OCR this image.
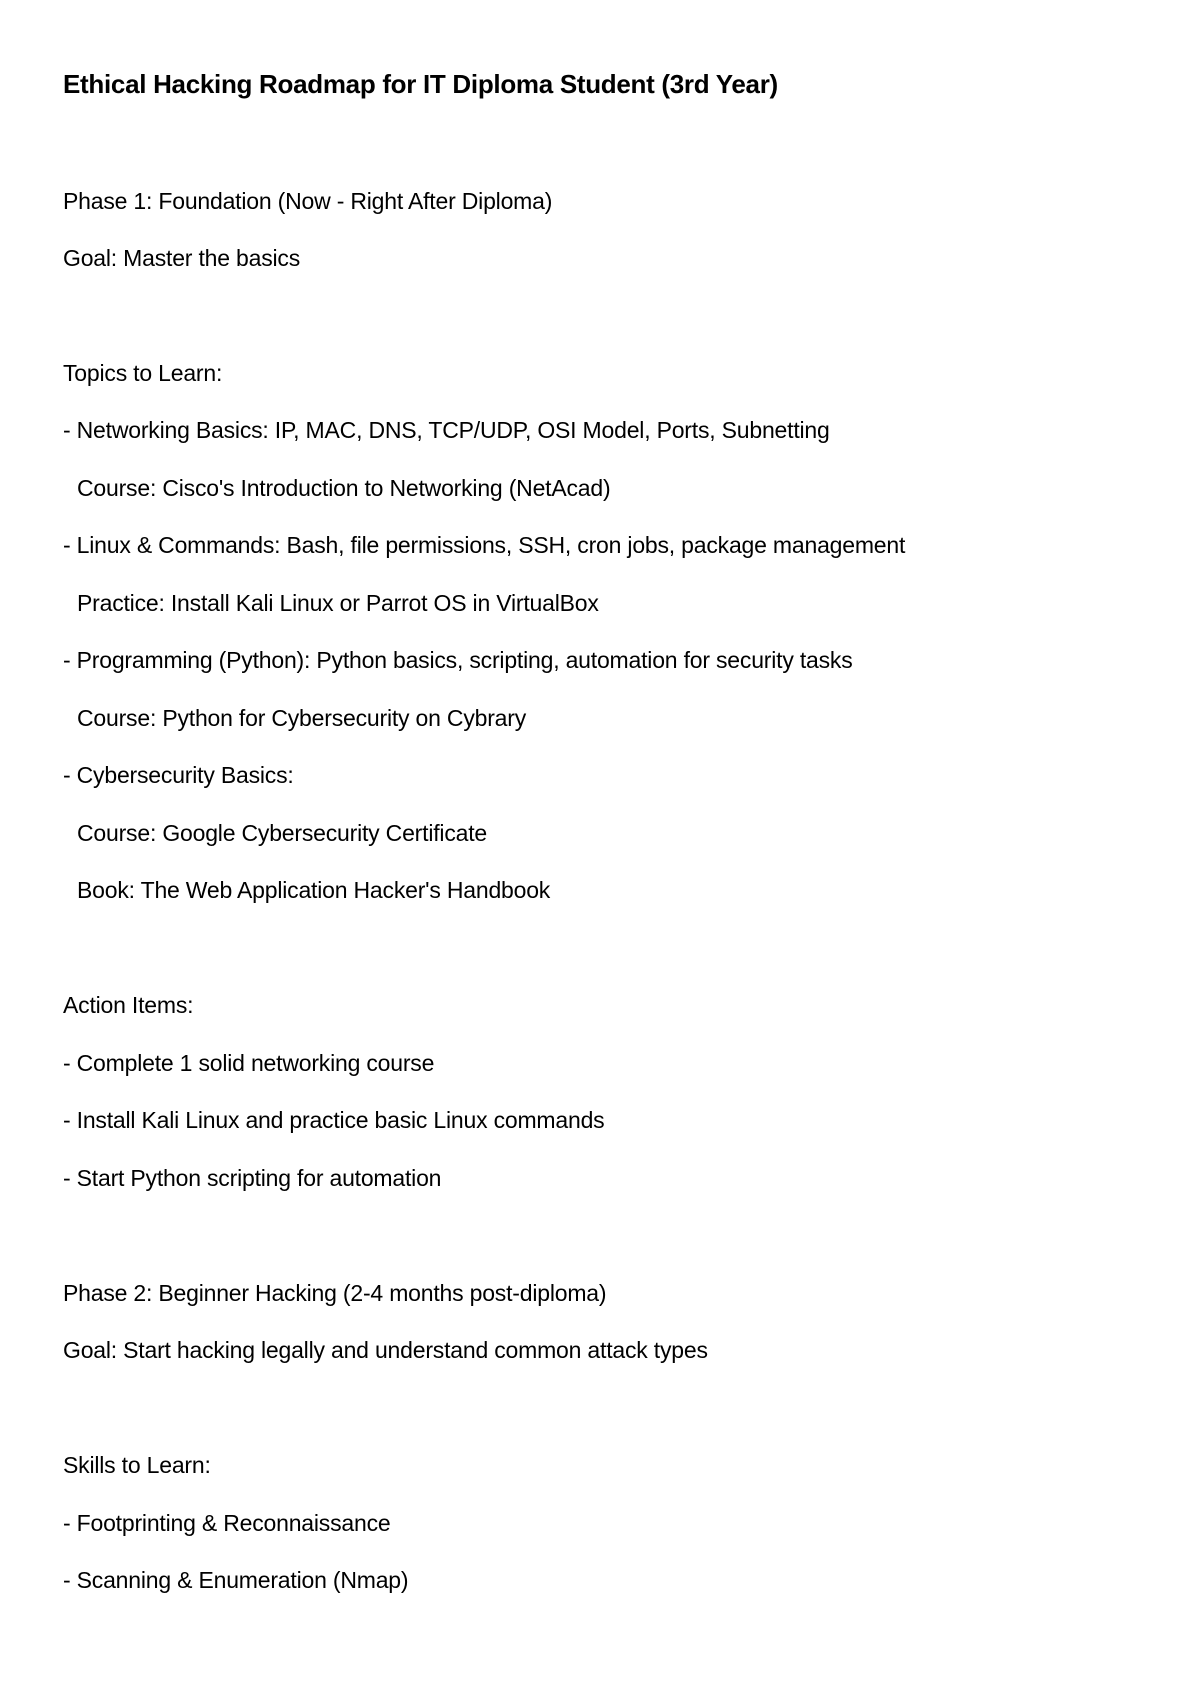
Ethical Hacking Roadmap for IT Diploma Student (3rd Year)
Phase 1: Foundation (Now - Right After Diploma)
Goal: Master the basics
Topics to Learn:
- Networking Basics: IP, MAC, DNS, TCP/UDP, OSI Model, Ports, Subnetting
Course: Cisco's Introduction to Networking (NetAcad)
- Linux & Commands: Bash, file permissions, SSH, cron jobs, package management
Practice: Install Kali Linux or Parrot OS in VirtualBox
- Programming (Python): Python basics, scripting, automation for security tasks
Course: Python for Cybersecurity on Cybrary
- Cybersecurity Basics:
Course: Google Cybersecurity Certificate
Book: The Web Application Hacker's Handbook
Action Items:
- Complete 1 solid networking course
- Install Kali Linux and practice basic Linux commands
- Start Python scripting for automation
Phase 2: Beginner Hacking (2-4 months post-diploma)
Goal: Start hacking legally and understand common attack types
Skills to Learn:
- Footprinting & Reconnaissance
- Scanning & Enumeration (Nmap)
